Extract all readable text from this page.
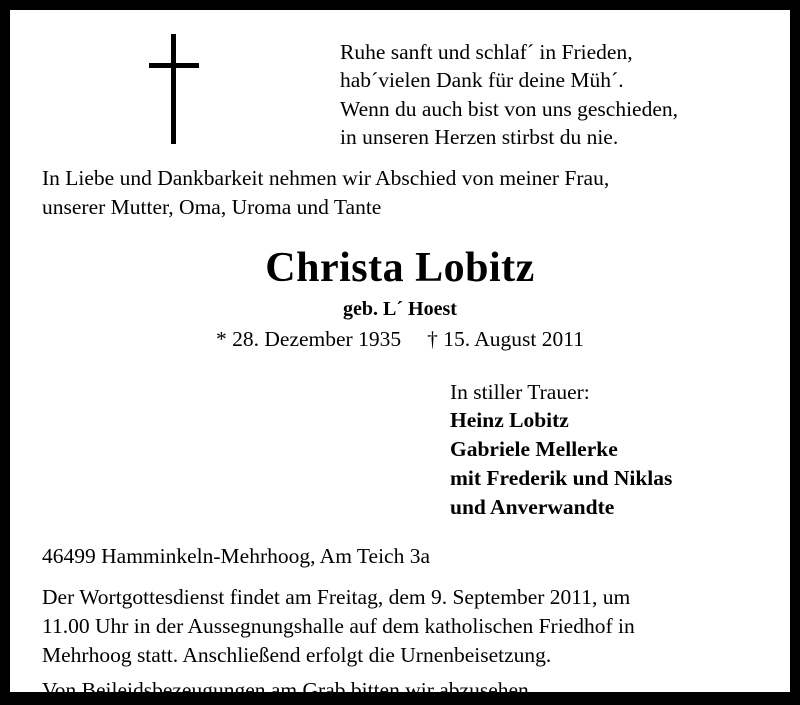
Ruhe sanft und schlaf´ in Frieden,
hab´vielen Dank für deine Müh´.
Wenn du auch bist von uns geschieden,
in unseren Herzen stirbst du nie.
In Liebe und Dankbarkeit nehmen wir Abschied von meiner Frau,
unserer Mutter, Oma, Uroma und Tante
Christa Lobitz
geb. L´ Hoest
* 28. Dezember 1935 † 15. August 2011
In stiller Trauer:
Heinz Lobitz
Gabriele Mellerke
mit Frederik und Niklas
und Anverwandte
46499 Hamminkeln-Mehrhoog, Am Teich 3a
Der Wortgottesdienst findet am Freitag, dem 9. September 2011, um
11.00 Uhr in der Aussegnungshalle auf dem katholischen Friedhof in
Mehrhoog statt. Anschließend erfolgt die Urnenbeisetzung.
Von Beileidsbezeugungen am Grab bitten wir abzusehen.
